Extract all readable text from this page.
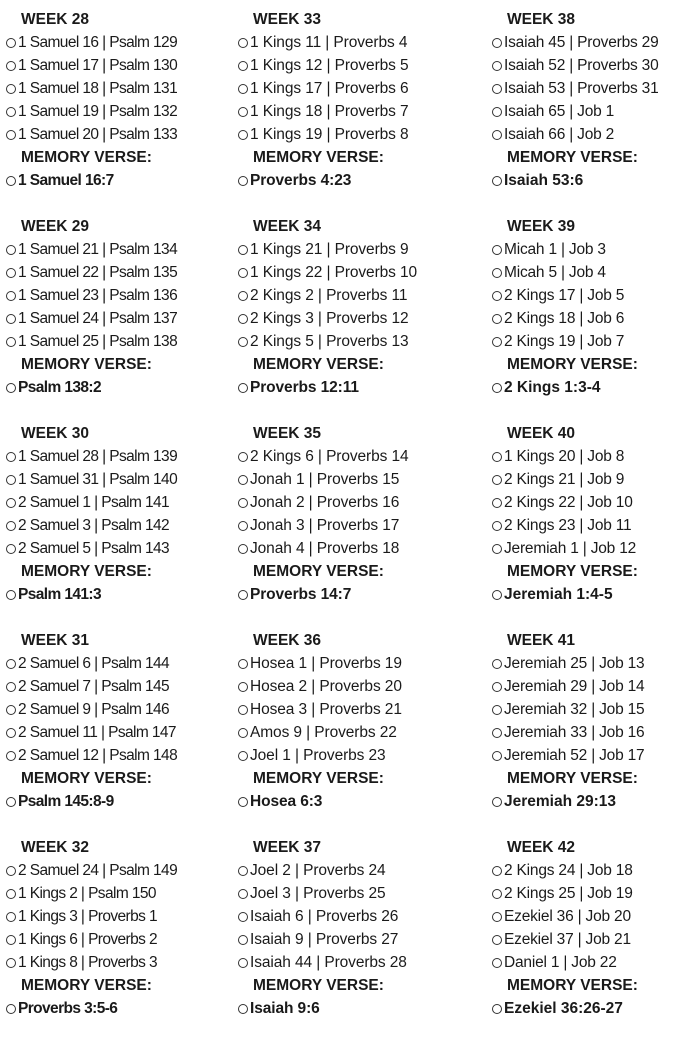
WEEK 28
1 Samuel 16 | Psalm 129
1 Samuel 17 | Psalm 130
1 Samuel 18 | Psalm 131
1 Samuel 19 | Psalm 132
1 Samuel 20 | Psalm 133
MEMORY VERSE:
1 Samuel 16:7
WEEK 29
1 Samuel 21 | Psalm 134
1 Samuel 22 | Psalm 135
1 Samuel 23 | Psalm 136
1 Samuel 24 | Psalm 137
1 Samuel 25 | Psalm 138
MEMORY VERSE:
Psalm 138:2
WEEK 30
1 Samuel 28 | Psalm 139
1 Samuel 31 | Psalm 140
2 Samuel 1 | Psalm 141
2 Samuel 3 | Psalm 142
2 Samuel 5 | Psalm 143
MEMORY VERSE:
Psalm 141:3
WEEK 31
2 Samuel 6 | Psalm 144
2 Samuel 7 | Psalm 145
2 Samuel 9 | Psalm 146
2 Samuel 11 | Psalm 147
2 Samuel 12 | Psalm 148
MEMORY VERSE:
Psalm 145:8-9
WEEK 32
2 Samuel 24 | Psalm 149
1 Kings 2 | Psalm 150
1 Kings 3 | Proverbs 1
1 Kings 6 | Proverbs 2
1 Kings 8 | Proverbs 3
MEMORY VERSE:
Proverbs 3:5-6
WEEK 33
1 Kings 11 | Proverbs 4
1 Kings 12 | Proverbs 5
1 Kings 17 | Proverbs 6
1 Kings 18 | Proverbs 7
1 Kings 19 | Proverbs 8
MEMORY VERSE:
Proverbs 4:23
WEEK 34
1 Kings 21 | Proverbs 9
1 Kings 22 | Proverbs 10
2 Kings 2 | Proverbs 11
2 Kings 3 | Proverbs 12
2 Kings 5 | Proverbs 13
MEMORY VERSE:
Proverbs 12:11
WEEK 35
2 Kings 6 | Proverbs 14
Jonah 1 | Proverbs 15
Jonah 2 | Proverbs 16
Jonah 3 | Proverbs 17
Jonah 4 | Proverbs 18
MEMORY VERSE:
Proverbs 14:7
WEEK 36
Hosea 1 | Proverbs 19
Hosea 2 | Proverbs 20
Hosea 3 | Proverbs 21
Amos 9 | Proverbs 22
Joel 1 | Proverbs 23
MEMORY VERSE:
Hosea 6:3
WEEK 37
Joel 2 | Proverbs 24
Joel 3 | Proverbs 25
Isaiah 6 | Proverbs 26
Isaiah 9 | Proverbs 27
Isaiah 44 | Proverbs 28
MEMORY VERSE:
Isaiah 9:6
WEEK 38
Isaiah 45 | Proverbs 29
Isaiah 52 | Proverbs 30
Isaiah 53 | Proverbs 31
Isaiah 65 | Job 1
Isaiah 66 | Job 2
MEMORY VERSE:
Isaiah 53:6
WEEK 39
Micah 1 | Job 3
Micah 5 | Job 4
2 Kings 17 | Job 5
2 Kings 18 | Job 6
2 Kings 19 | Job 7
MEMORY VERSE:
2 Kings 1:3-4
WEEK 40
1 Kings 20 | Job 8
2 Kings 21 | Job 9
2 Kings 22 | Job 10
2 Kings 23 | Job 11
Jeremiah 1 | Job 12
MEMORY VERSE:
Jeremiah 1:4-5
WEEK 41
Jeremiah 25 | Job 13
Jeremiah 29 | Job 14
Jeremiah 32 | Job 15
Jeremiah 33 | Job 16
Jeremiah 52 | Job 17
MEMORY VERSE:
Jeremiah 29:13
WEEK 42
2 Kings 24 | Job 18
2 Kings 25 | Job 19
Ezekiel 36 | Job 20
Ezekiel 37 | Job 21
Daniel 1 | Job 22
MEMORY VERSE:
Ezekiel 36:26-27
